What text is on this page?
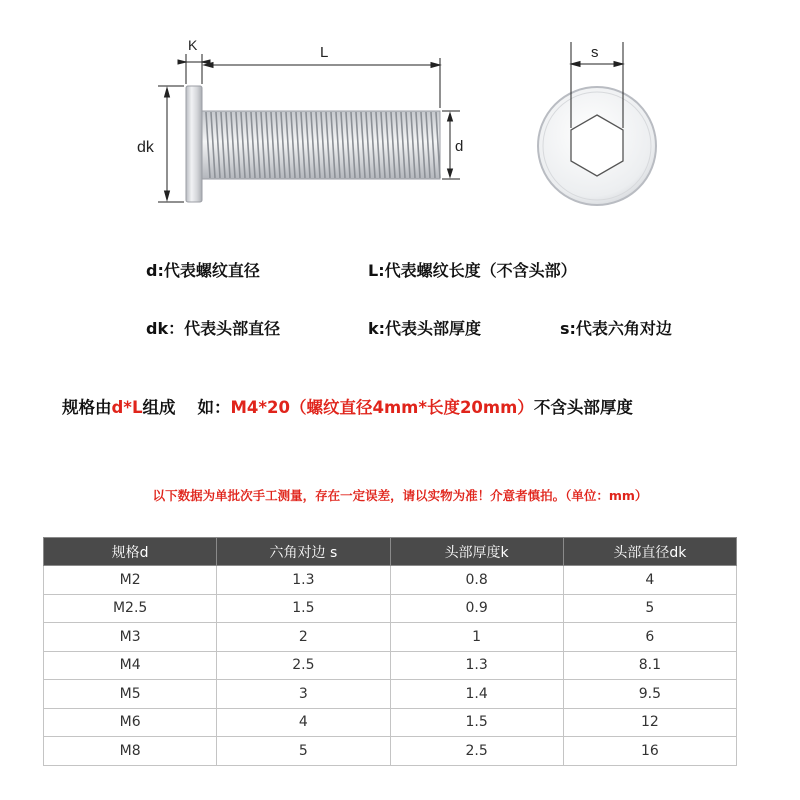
K	L
dk	d
s
d:代表螺纹直径	L:代表螺纹长度（不含头部）
dk：代表头部直径	k:代表头部厚度	s:代表六角对边
规格由d*L组成 如：M4*20（螺纹直径4mm*长度20mm）不含头部厚度
以下数据为单批次手工测量，存在一定误差，请以实物为准！介意者慎拍。（单位：mm）
规格d	六角对边 s	头部厚度k	头部直径dk
M2	1.3	0.8	4
M2.5	1.5	0.9	5
M3	2	1	6
M4	2.5	1.3	8.1
M5	3	1.4	9.5
M6	4	1.5	12
M8	5	2.5	16
